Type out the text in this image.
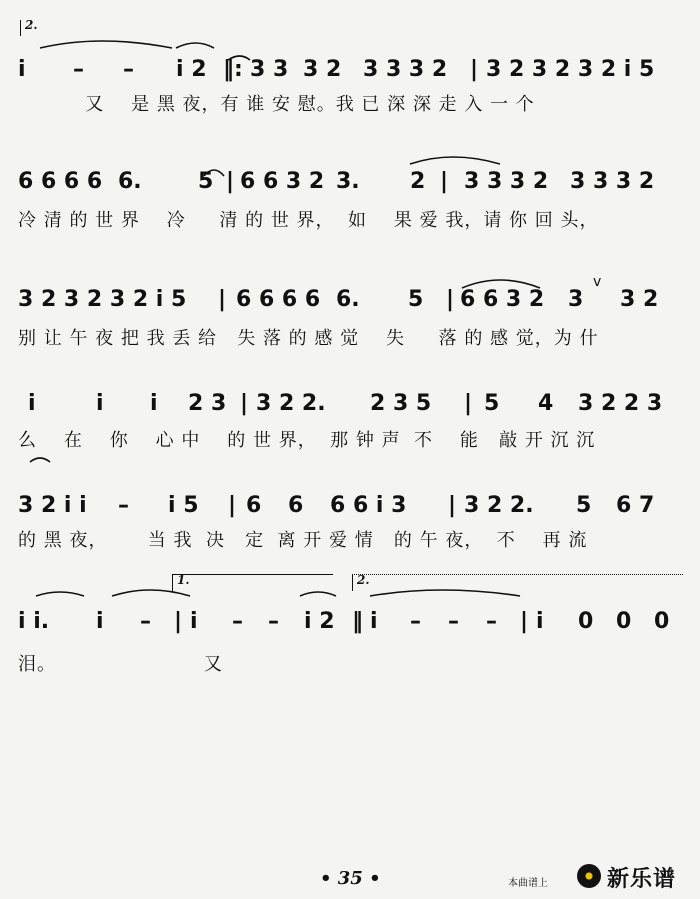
2.
i – – i 2 ‖: 3 3 3 2 3 3 3 2 | 3 2 3 2 3 2 i 5
又    是 黑 夜，有 谁 安 慰。我 已 深 深 走 入 一 个
6 6 6 6 6.	5 | 6 6 3 2 3. 2 | 3 3 3 2 3 3 3 2
冷 清 的 世 界    冷     清 的 世 界，  如    果 爱 我，请 你 回 头，
3 2 3 2 3 2 i 5 | 6 6 6 6 6. 5 | 6 6 3 2 3
v
3 2
别 让 午 夜 把 我 丢 给   失 落 的 感 觉    失     落 的 感 觉，为 什
i	i i 2 3 | 3 2 2. 2 3 5 | 5 4 3 2 2 3
么    在    你    心 中    的 世 界，  那 钟 声  不    能   敲 开 沉 沉
3 2 i i – i 5 | 6 6 6 6 i 3 | 3 2 2. 5 6 7
的 黑 夜，      当 我  决   定  离 开 爱 情   的 午 夜，  不    再 流
1.	2.
i i. i – | i – – i 2 ‖ i – – – | i 0 0 0
泪。                      又
• 35 •	本曲谱上	新乐谱
